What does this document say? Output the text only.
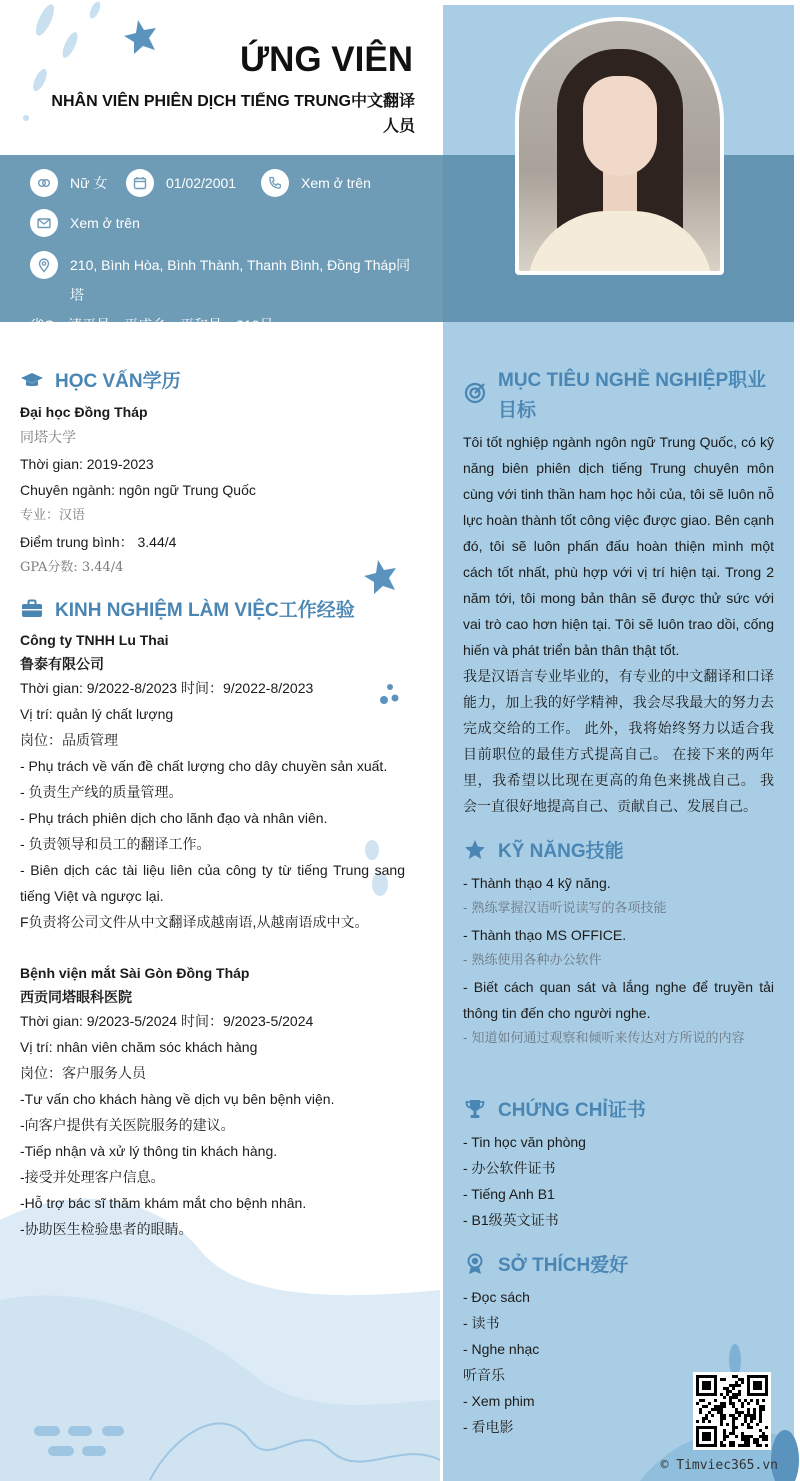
ỨNG VIÊN
NHÂN VIÊN PHIÊN DỊCH TIẾNG TRUNG中文翻译
人员
Nữ 女	01/02/2001	Xem ở trên
Xem ở trên
210, Bình Hòa, Bình Thành, Thanh Bình, Đồng Tháp同塔
省C、清平县、平成乡、平和邑、210号
HỌC VẤN学历
Đại học Đồng Tháp
同塔大学
Thời gian: 2019-2023
Chuyên ngành: ngôn ngữ Trung Quốc
专业：汉语
Điểm trung bình： 3.44/4
GPA分数: 3.44/4
KINH NGHIỆM LÀM VIỆC工作经验
Công ty TNHH Lu Thai
鲁泰有限公司
Thời gian: 9/2022-8/2023 时间：9/2022-8/2023
Vị trí: quản lý chất lượng
岗位：品质管理
- Phụ trách về vấn đề chất lượng cho dây chuyền sản xuất.
- 负责生产线的质量管理。
- Phụ trách phiên dịch cho lãnh đạo và nhân viên.
- 负责领导和员工的翻译工作。
- Biên dịch các tài liệu liên của công ty từ tiếng Trung sang tiếng Việt và ngược lại.
F负责将公司文件从中文翻译成越南语,从越南语成中文。
Bệnh viện mắt Sài Gòn Đồng Tháp
西贡同塔眼科医院
Thời gian: 9/2023-5/2024 时间：9/2023-5/2024
Vị trí: nhân viên chăm sóc khách hàng
岗位：客户服务人员
-Tư vấn cho khách hàng về dịch vụ bên bệnh viện.
-向客户提供有关医院服务的建议。
-Tiếp nhận và xử lý thông tin khách hàng.
-接受并处理客户信息。
-Hỗ trợ bác sĩ thăm khám mắt cho bệnh nhân.
-协助医生检验患者的眼睛。
MỤC TIÊU NGHỀ NGHIỆP职业
目标
Tôi tốt nghiệp ngành ngôn ngữ Trung Quốc, có kỹ năng biên phiên dịch tiếng Trung chuyên môn cùng với tinh thần ham học hỏi của, tôi sẽ luôn nỗ lực hoàn thành tốt công việc được giao. Bên cạnh đó, tôi sẽ luôn phấn đấu hoàn thiện mình một cách tốt nhất, phù hợp với vị trí hiện tại. Trong 2 năm tới, tôi mong bản thân sẽ được thử sức với vai trò cao hơn hiện tại. Tôi sẽ luôn trao dồi, cống hiến và phát triển bản thân thật tốt.
我是汉语言专业毕业的，有专业的中文翻译和口译能力，加上我的好学精神，我会尽我最大的努力去完成交给的工作。 此外，我将始终努力以适合我目前职位的最佳方式提高自己。 在接下来的两年里，我希望以比现在更高的角色来挑战自己。 我会一直很好地提高自己、贡献自己、发展自己。
KỸ NĂNG技能
- Thành thạo 4 kỹ năng.
- 熟练掌握汉语听说读写的各项技能
- Thành thạo MS OFFICE.
- 熟练使用各种办公软件
- Biết cách quan sát và lắng nghe để truyền tải thông tin đến cho người nghe.
- 知道如何通过观察和倾听来传达对方所说的内容
CHỨNG CHỈ证书
- Tin học văn phòng
- 办公软件证书
- Tiếng Anh B1
- B1级英文证书
SỞ THÍCH爱好
- Đọc sách
- 读书
- Nghe nhạc
听音乐
- Xem phim
- 看电影
© Timviec365.vn
